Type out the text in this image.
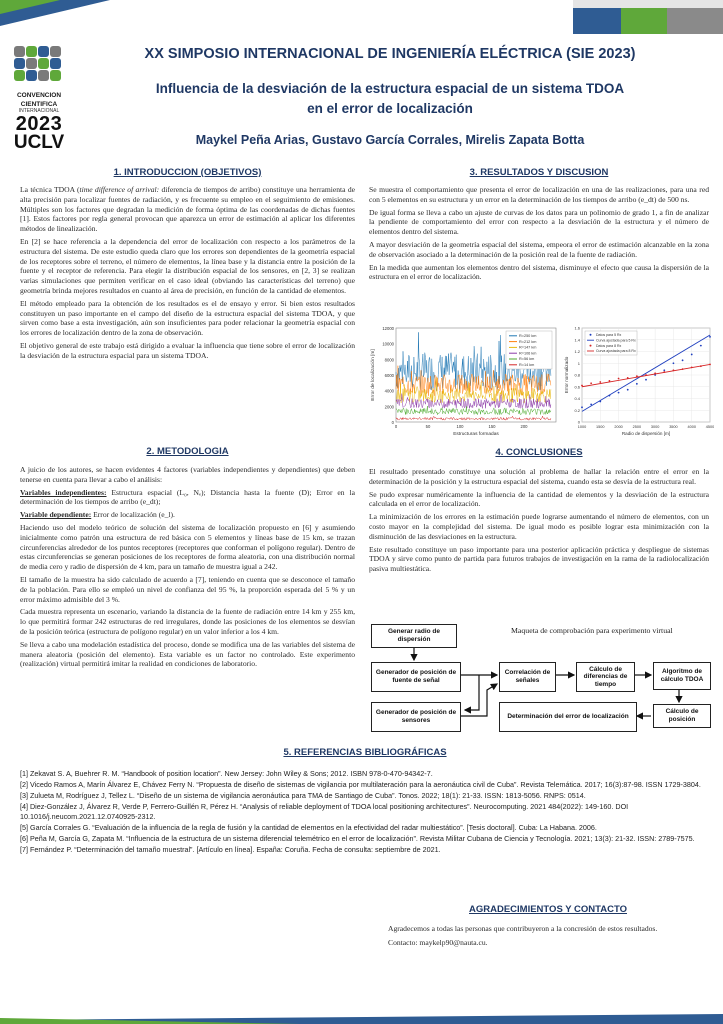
CONVENCION
CIENTIFICA
INTERNACIONAL
2023
UCLV
XX SIMPOSIO INTERNACIONAL DE INGENIERÍA ELÉCTRICA (SIE 2023)
Influencia de la desviación de la estructura espacial de un sistema TDOA
en el error de localización
Maykel Peña Arias, Gustavo García Corrales, Mirelis Zapata Botta
1. INTRODUCCION (OBJETIVOS)

La técnica TDOA (time difference of arrival: diferencia de tiempos de arribo) constituye una herramienta de alta precisión para localizar fuentes de radiación, y es frecuente su empleo en el seguimiento de emisiones. Múltiples son los factores que degradan la medición de forma óptima de las coordenadas de dichas fuentes [1]. Estos factores por regla general provocan que aparezca un error de estimación al aplicar los diferentes métodos de linealización.

En [2] se hace referencia a la dependencia del error de localización con respecto a los parámetros de la estructura del sistema. De este estudio queda claro que los errores son dependientes de la geometría espacial de los receptores sobre el terreno, el número de elementos, la línea base y la distancia entre la posición de la fuente y el receptor de referencia. Para elegir la distribución espacial de los sensores, en [2, 3] se realizan varias simulaciones que permiten verificar en el caso ideal (obviando las características del terreno) que geometría brinda mejores resultados en cuanto al área de precisión, en función de la cantidad de elementos.

El método empleado para la obtención de los resultados es el de ensayo y error. Si bien estos resultados constituyen un paso importante en el campo del diseño de la estructura espacial del sistema TDOA, y que sirven como base a esta investigación, aún son insuficientes para poder relacionar la geometría espacial con los errores de localización dentro de la zona de observación.

El objetivo general de este trabajo está dirigido a evaluar la influencia que tiene sobre el error de localización la desviación de la estructura espacial para un sistema TDOA.

2. METODOLOGIA

A juicio de los autores, se hacen evidentes 4 factores (variables independientes y dependientes) que deben tenerse en cuenta para llevar a cabo el análisis:

Variables independientes: Estructura espacial (L₀, Nₑ); Distancia hasta la fuente (D); Error en la determinación de los tiempos de arribo (e_dt);

Variable dependiente: Error de localización (e_l).

Haciendo uso del modelo teórico de solución del sistema de localización propuesto en [6] y asumiendo inicialmente como patrón una estructura de red básica con 5 elementos y líneas base de 15 km, se trazan circunferencias alrededor de los puntos receptores (receptores que conforman el polígono regular). Dentro de estas circunferencias se generan posiciones de los receptores de forma aleatoria, con una distribución normal de media cero y radio de dispersión de 4 km, para un tamaño de muestra igual a 242.

El tamaño de la muestra ha sido calculado de acuerdo a [7], teniendo en cuenta que se desconoce el tamaño de la población. Para ello se empleó un nivel de confianza del 95 %, la proporción esperada del 5 % y un error máximo admisible del 3 %.

Cada muestra representa un escenario, variando la distancia de la fuente de radiación entre 14 km y 255 km, lo que permitirá formar 242 estructuras de red irregulares, donde las posiciones de los elementos se desvían de la posición teórica (estructura de polígono regular) en un valor inferior a los 4 km.

Se lleva a cabo una modelación estadística del proceso, donde se modifica una de las variables del sistema de manera aleatoria (posición del elemento). Esta variable es un factor no controlado. Este experimento (realización) virtual permitirá imitar la realidad en condiciones de laboratorio.

3. RESULTADOS Y DISCUSION

Se muestra el comportamiento que presenta el error de localización en una de las realizaciones, para una red con 5 elementos en su estructura y un error en la determinación de los tiempos de arribo (e_dt) de 500 ns.

De igual forma se lleva a cabo un ajuste de curvas de los datos para un polinomio de grado 1, a fin de analizar la pendiente de comportamiento del error con respecto a la desviación de la estructura y el número de elementos dentro del sistema.

A mayor desviación de la geometría espacial del sistema, empeora el error de estimación alcanzable en la zona de observación asociado a la determinación de la posición real de la fuente de radiación.

En la medida que aumentan los elementos dentro del sistema, disminuye el efecto que causa la dispersión de la estructura en el error de localización.

0
2000
4000
6000
8000
10000
12000
0	50	100	150	200
Estructuras formadas
Error de localización [m]
R=250 km
R=212 km
R=147 km
R=106 km
R=56 km
R=14 km
0
0.2
0.4
0.6
0.8
1
1.2
1.4
1.6
1000	1500	2000	2500	3000	3500	4000	4500
Radio de dispersión [m]
Error normalizado
Datos para 5 Rx
Curva ajustada para 5 Rx
Datos para 8 Rx
Curva ajustada para 8 Rx
4. CONCLUSIONES

El resultado presentado constituye una solución al problema de hallar la relación entre el error en la determinación de la posición y la estructura espacial del sistema, cuando esta se desvía de la estructura real.

Se pudo expresar numéricamente la influencia de la cantidad de elementos y la desviación de la estructura calculada en el error de localización.

La minimización de los errores en la estimación puede lograrse aumentando el número de elementos, con un costo mayor en la complejidad del sistema. De igual modo es posible lograr esta minimización con la disminución de las desviaciones en la estructura.

Este resultado constituye un paso importante para una posterior aplicación práctica y despliegue de sistemas TDOA y sirve como punto de partida para futuros trabajos de investigación en la rama de la radiolocalización pasiva multiestática.

Generar radio de dispersión
Maqueta de comprobación para experimento virtual
Generador de posición de fuente de señal
Generador de posición de sensores
Correlación de señales
Determinación del error de localización
Cálculo de diferencias de tiempo
Algoritmo de cálculo TDOA
Cálculo de posición
5. REFERENCIAS BIBLIOGRÁFICAS

[1] Zekavat S. A, Buehrer R. M. “Handbook of position location”. New Jersey: John Wiley & Sons; 2012. ISBN 978-0-470-94342-7.

[2] Vicedo Ramos A, Marín Álvarez E, Chávez Ferry N. “Propuesta de diseño de sistemas de vigilancia por multilateración para la aeronáutica civil de Cuba”. Revista Telemática. 2017; 16(3):87-98. ISSN 1729-3804.

[3] Zulueta M, Rodríguez J, Tellez L. “Diseño de un sistema de vigilancia aeronáutica para TMA de Santiago de Cuba”. Tonos. 2022; 18(1): 21-33. ISSN: 1813-5056. RNPS: 0514.

[4] Diez-González J, Álvarez R, Verde P, Ferrero-Guillén R, Pérez H. “Analysis of reliable deployment of TDOA local positioning architectures”. Neurocomputing. 2021 484(2022): 149-160. DOI 10.1016/j.neucom.2021.12.0740925-2312.

[5] García Corrales G. “Evaluación de la influencia de la regla de fusión y la cantidad de elementos en la efectividad del radar multiestático”. [Tesis doctoral]. Cuba: La Habana. 2006.

[6] Peña M, García G, Zapata M. “Influencia de la estructura de un sistema diferencial telemétrico en el error de localización”. Revista Militar Cubana de Ciencia y Tecnología. 2021; 13(3): 21-32. ISSN: 2789-7575.

[7] Fernández P. “Determinación del tamaño muestral”. [Artículo en línea]. España: Coruña. Fecha de consulta: septiembre de 2021.

AGRADECIMIENTOS Y CONTACTO

Agradecemos a todas las personas que contribuyeron a la concresión de estos resultados.

Contacto: maykelp90@nauta.cu.
